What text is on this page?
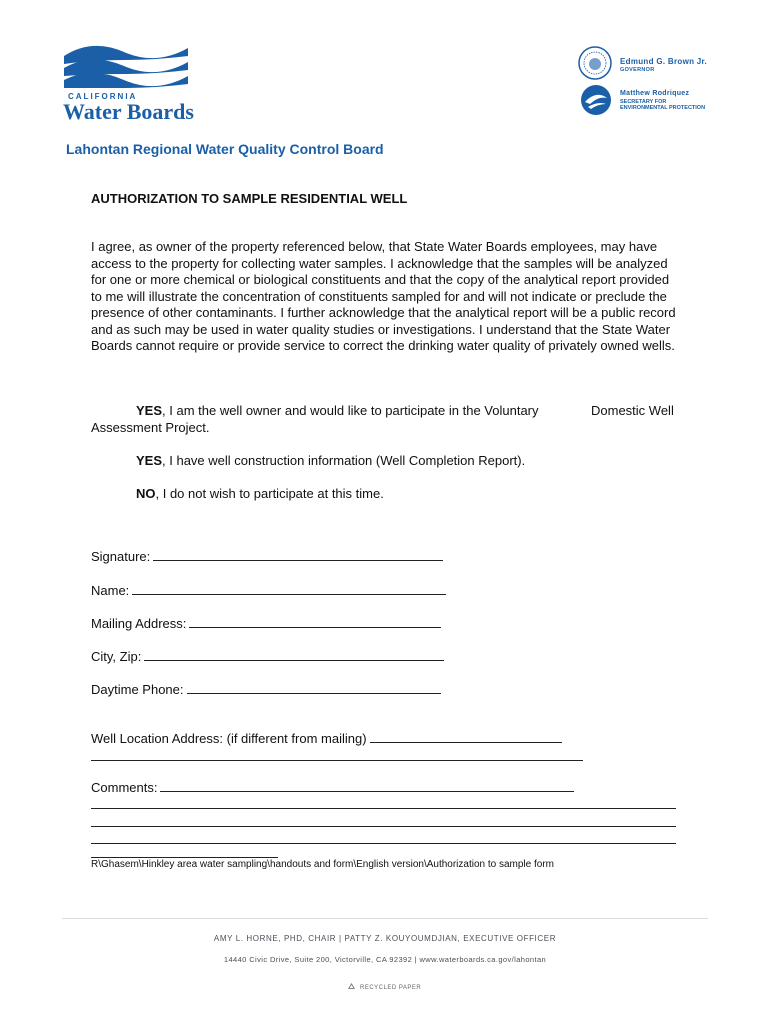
CALIFORNIA
Water Boards
Edmund G. Brown Jr.
GOVERNOR
Matthew Rodriquez
SECRETARY FOR
ENVIRONMENTAL PROTECTION
Lahontan Regional Water Quality Control Board
AUTHORIZATION TO SAMPLE RESIDENTIAL WELL
I agree, as owner of the property referenced below, that State Water Boards employees, may have access to the property for collecting water samples. I acknowledge that the samples will be analyzed for one or more chemical or biological constituents and that the copy of the analytical report provided to me will illustrate the concentration of constituents sampled for and will not indicate or preclude the presence of other contaminants. I further acknowledge that the analytical report will be a public record and as such may be used in water quality studies or investigations. I understand that the State Water Boards cannot require or provide service to correct the drinking water quality of privately owned wells.
YES, I am the well owner and would like to participate in the Voluntary	Domestic Well
Assessment Project.
YES, I have well construction information (Well Completion Report).
NO, I do not wish to participate at this time.
Signature:
Name:
Mailing Address:
City, Zip:
Daytime Phone:
Well Location Address: (if different from mailing)
Comments:
R\Ghasem\Hinkley area water sampling\handouts and form\English version\Authorization to sample form
AMY L. HORNE, PHD, CHAIR | PATTY Z. KOUYOUMDJIAN, EXECUTIVE OFFICER
14440 Civic Drive, Suite 200, Victorville, CA 92392 | www.waterboards.ca.gov/lahontan
RECYCLED PAPER
